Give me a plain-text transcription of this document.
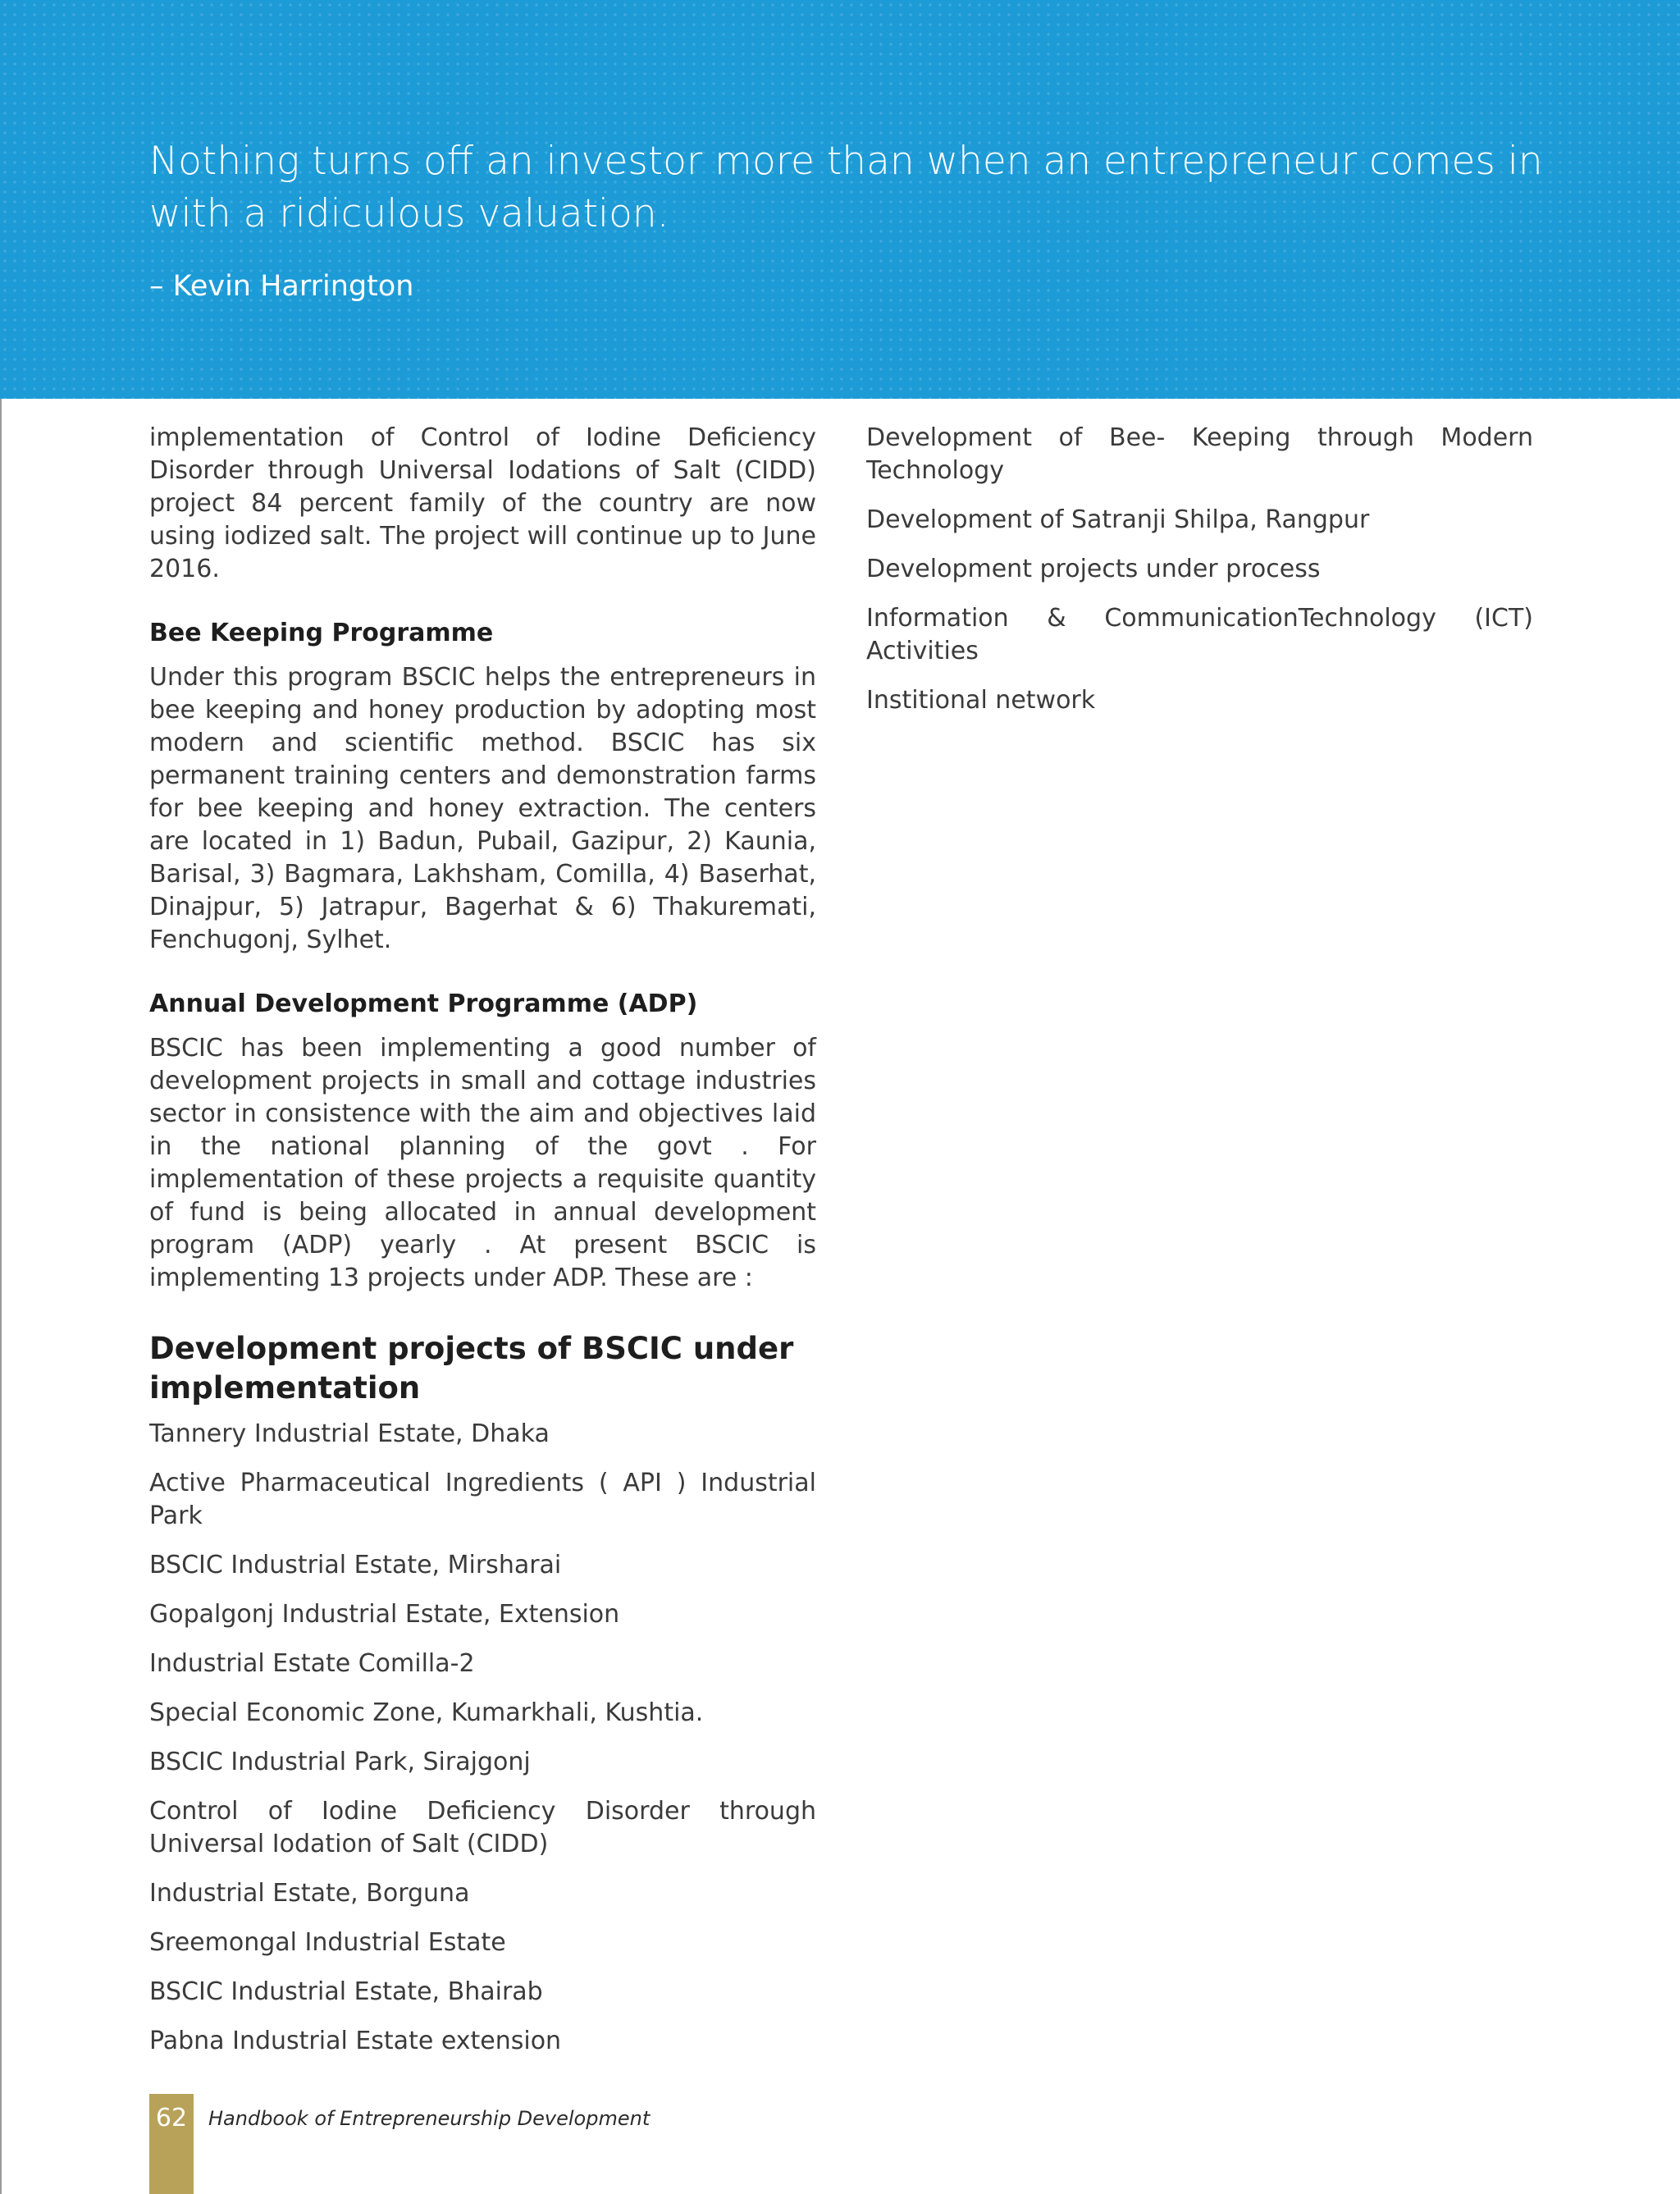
Nothing turns off an investor more than when an entrepreneur comes in with a ridiculous valuation.

– Kevin Harrington

implementation of Control of Iodine Deficiency Disorder through Universal Iodations of Salt (CIDD) project 84 percent family of the country are now using iodized salt. The project will continue up to June 2016.

Bee Keeping Programme

Under this program BSCIC helps the entrepreneurs in bee keeping and honey production by adopting most modern and scientific method. BSCIC has six permanent training centers and demonstration farms for bee keeping and honey extraction. The centers are located in 1) Badun, Pubail, Gazipur, 2) Kaunia, Barisal, 3) Bagmara, Lakhsham, Comilla, 4) Baserhat, Dinajpur, 5) Jatrapur, Bagerhat & 6) Thakuremati, Fenchugonj, Sylhet.

Annual Development Programme (ADP)

BSCIC has been implementing a good number of development projects in small and cottage industries sector in consistence with the aim and objectives laid in the national planning of the govt . For implementation of these projects a requisite quantity of fund is being allocated in annual development program (ADP) yearly . At present BSCIC is implementing 13 projects under ADP. These are :

Development projects of BSCIC under implementation
Tannery Industrial Estate, Dhaka
Active Pharmaceutical Ingredients ( API ) Industrial Park
BSCIC Industrial Estate, Mirsharai
Gopalgonj Industrial Estate, Extension
Industrial Estate Comilla-2
Special Economic Zone, Kumarkhali, Kushtia.
BSCIC Industrial Park, Sirajgonj
Control of Iodine Deficiency Disorder through Universal Iodation of Salt (CIDD)
Industrial Estate, Borguna
Sreemongal Industrial Estate
BSCIC Industrial Estate, Bhairab
Pabna Industrial Estate extension
Development of Bee- Keeping through Modern Technology
Development of Satranji Shilpa, Rangpur
Development projects under process
Information & CommunicationTechnology (ICT) Activities
Institional network
62	Handbook of Entrepreneurship Development
